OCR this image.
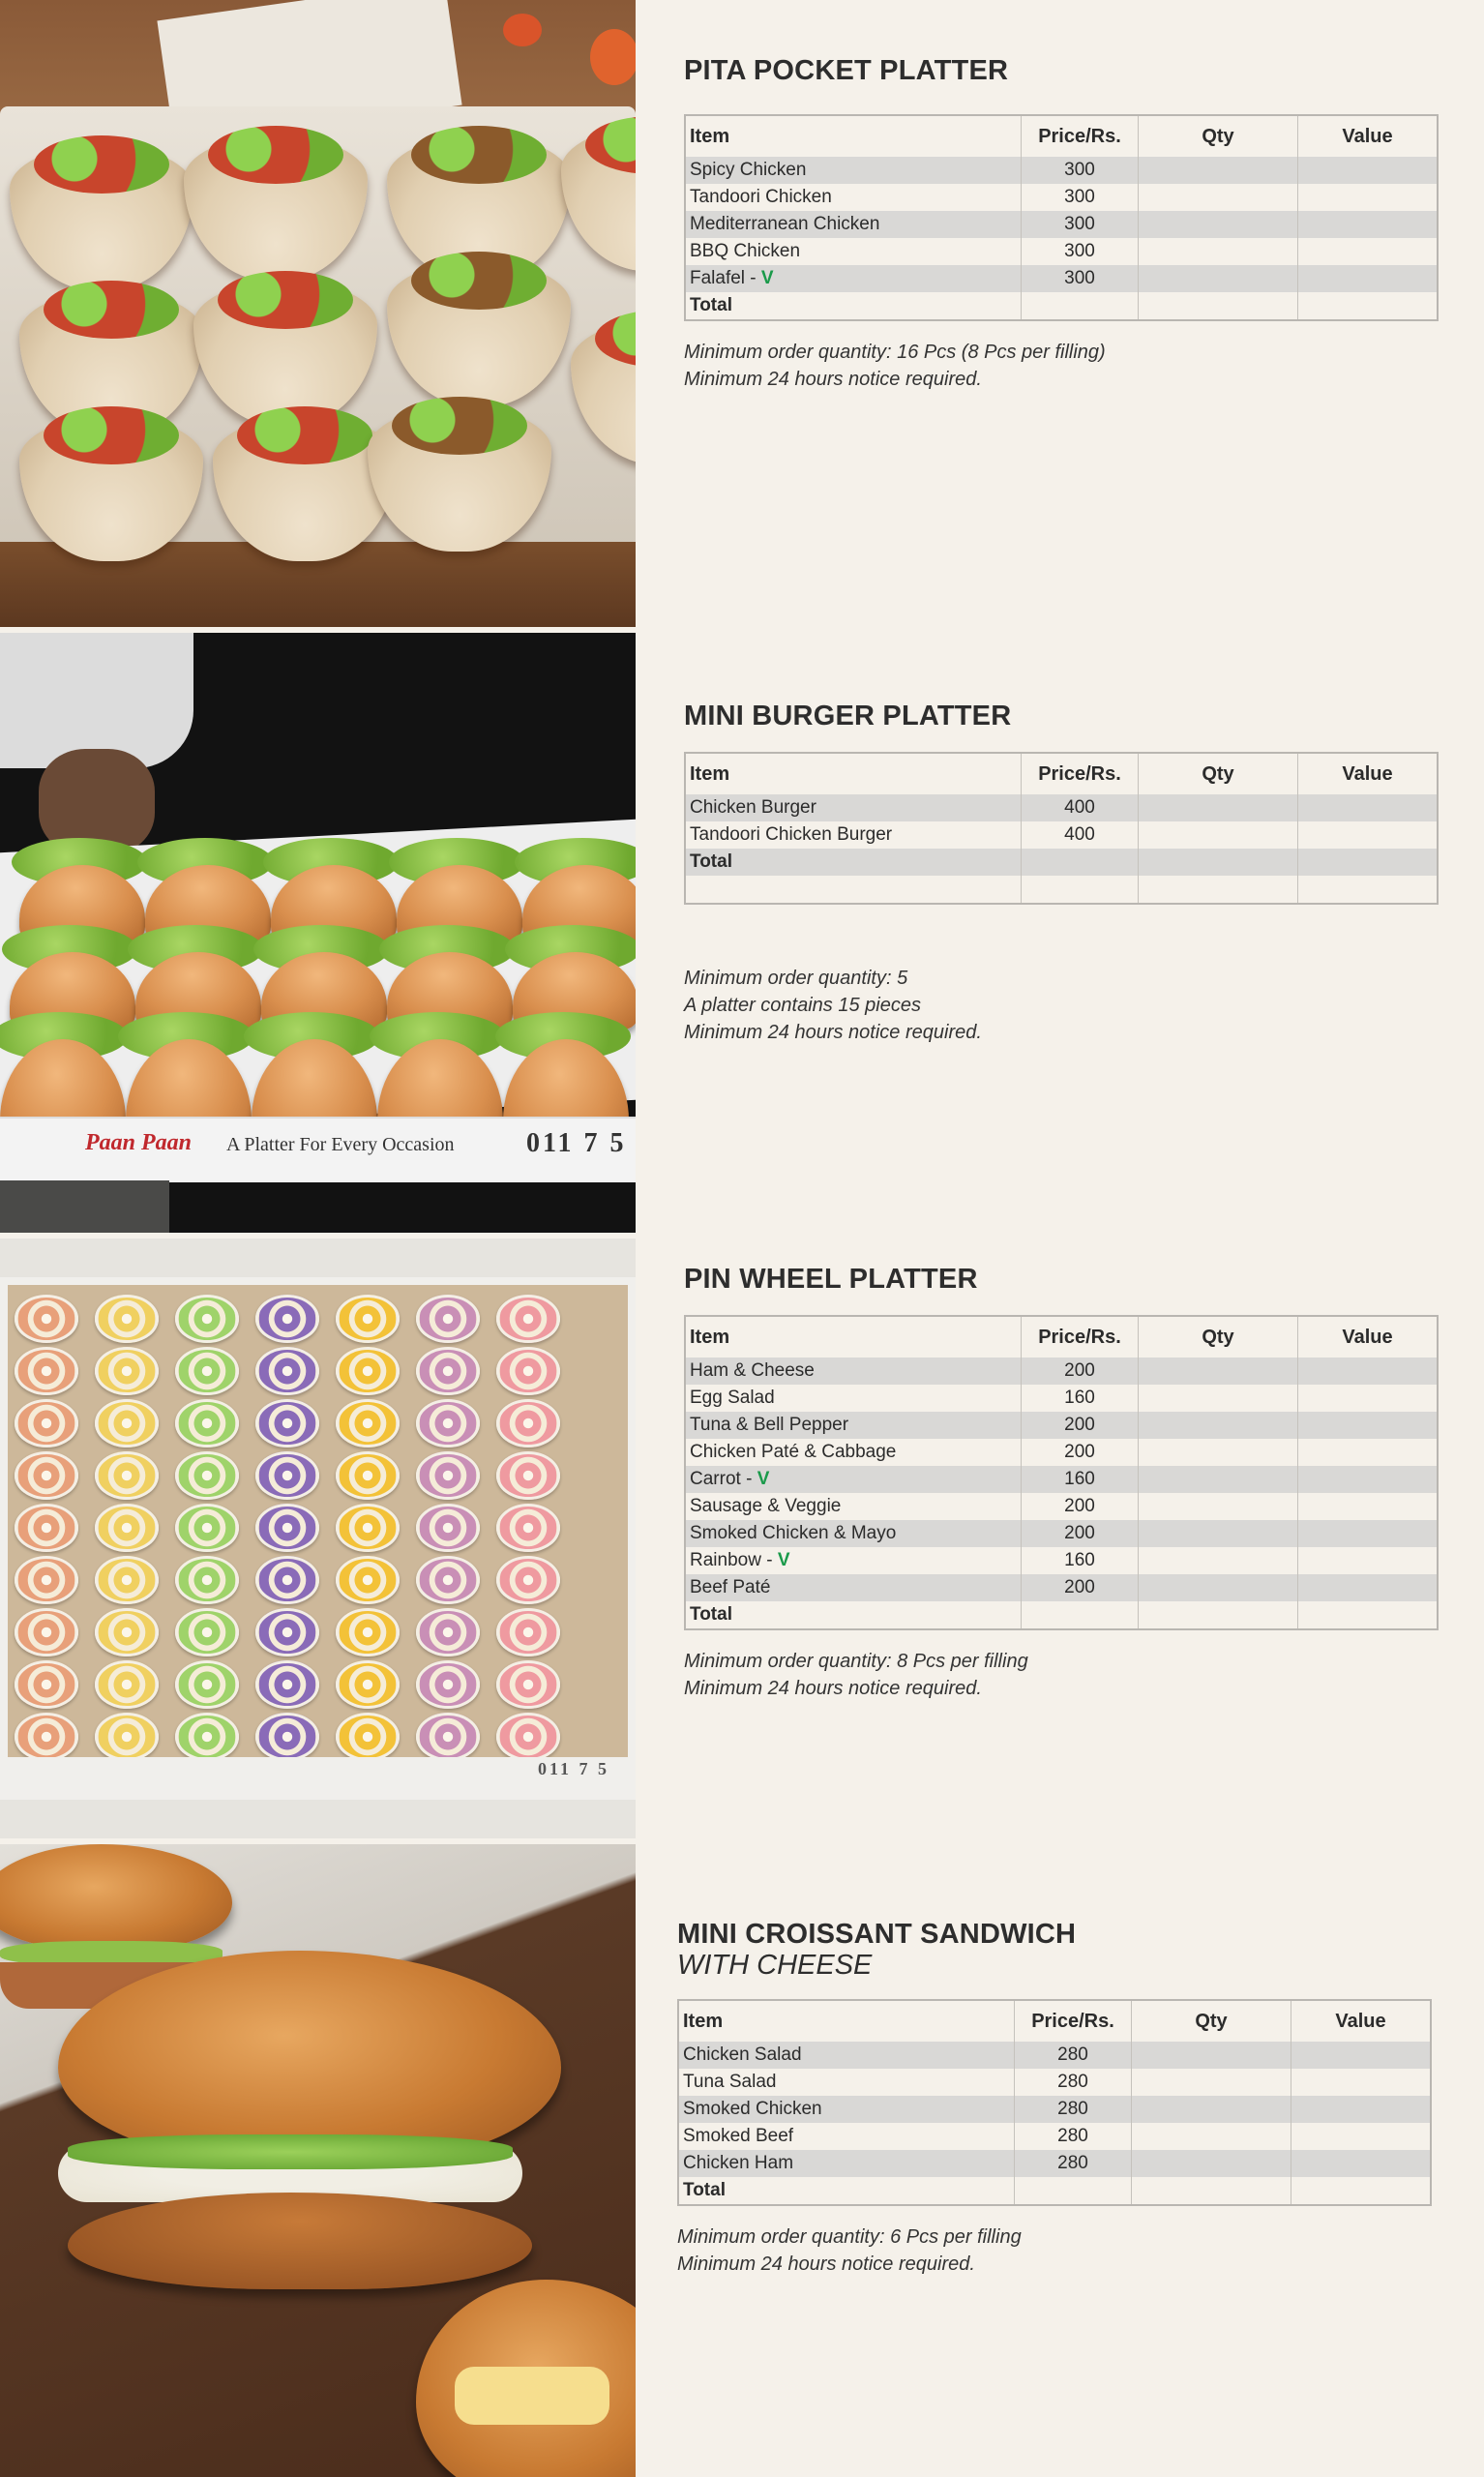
Paan Paan A Platter For Every Occasion	011 7 5
011 7 5
PITA POCKET PLATTER
Item	Price/Rs.	Qty	Value
Spicy Chicken	300		
Tandoori Chicken	300		
Mediterranean Chicken	300		
BBQ Chicken	300		
Falafel - V	300		
Total			
Minimum order quantity: 16 Pcs (8 Pcs per filling)
Minimum 24 hours notice required.
MINI BURGER PLATTER
Item	Price/Rs.	Qty	Value
Chicken Burger	400		
Tandoori Chicken Burger	400		
Total			

Minimum order quantity: 5
A platter contains 15 pieces
Minimum 24 hours notice required.
PIN WHEEL PLATTER
Item	Price/Rs.	Qty	Value
Ham & Cheese	200		
Egg Salad	160		
Tuna & Bell Pepper	200		
Chicken Paté & Cabbage	200		
Carrot - V	160		
Sausage & Veggie	200		
Smoked Chicken & Mayo	200		
Rainbow - V	160		
Beef Paté	200		
Total			
Minimum order quantity: 8 Pcs per filling
Minimum 24 hours notice required.
MINI CROISSANT SANDWICH
WITH CHEESE
Item	Price/Rs.	Qty	Value
Chicken Salad	280		
Tuna Salad	280		
Smoked Chicken	280		
Smoked Beef	280		
Chicken Ham	280		
Total			
Minimum order quantity: 6 Pcs per filling
Minimum 24 hours notice required.
